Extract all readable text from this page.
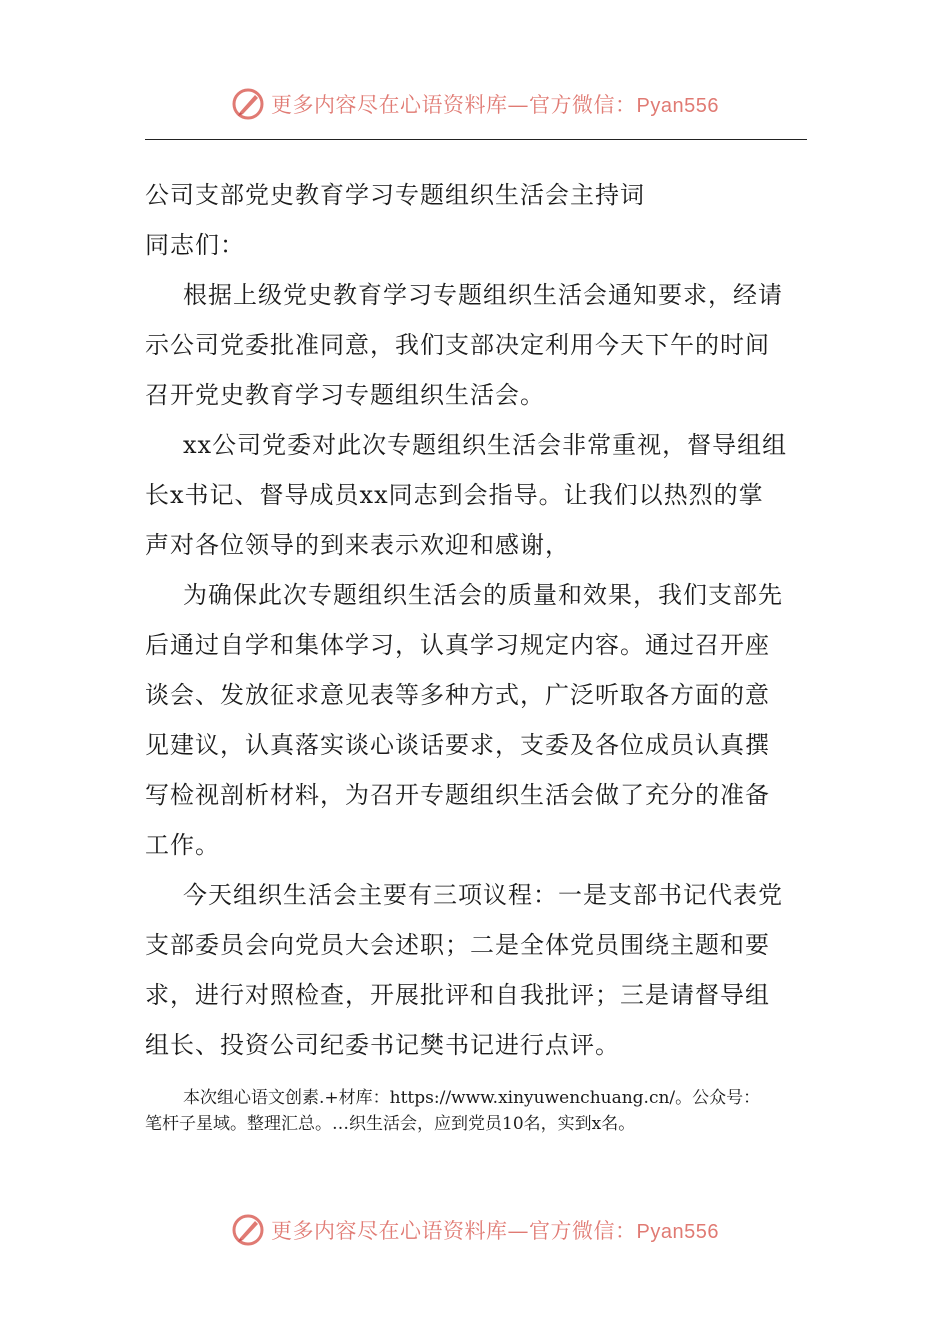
更多内容尽在心语资料库—官方微信：Pyan556
公司支部党史教育学习专题组织生活会主持词
同志们：
根据上级党史教育学习专题组织生活会通知要求，经请
示公司党委批准同意，我们支部决定利用今天下午的时间
召开党史教育学习专题组织生活会。
xx公司党委对此次专题组织生活会非常重视，督导组组
长x书记、督导成员xx同志到会指导。让我们以热烈的掌
声对各位领导的到来表示欢迎和感谢，
为确保此次专题组织生活会的质量和效果，我们支部先
后通过自学和集体学习，认真学习规定内容。通过召开座
谈会、发放征求意见表等多种方式，广泛听取各方面的意
见建议，认真落实谈心谈话要求，支委及各位成员认真撰
写检视剖析材料，为召开专题组织生活会做了充分的准备
工作。
今天组织生活会主要有三项议程：一是支部书记代表党
支部委员会向党员大会述职；二是全体党员围绕主题和要
求，进行对照检查，开展批评和自我批评；三是请督导组
组长、投资公司纪委书记樊书记进行点评。
本次组心语文创素.+材库：https://www.xinyuwenchuang.cn/。公众号：
笔杆子星域。整理汇总。…织生活会，应到党员10名，实到x名。
更多内容尽在心语资料库—官方微信：Pyan556
